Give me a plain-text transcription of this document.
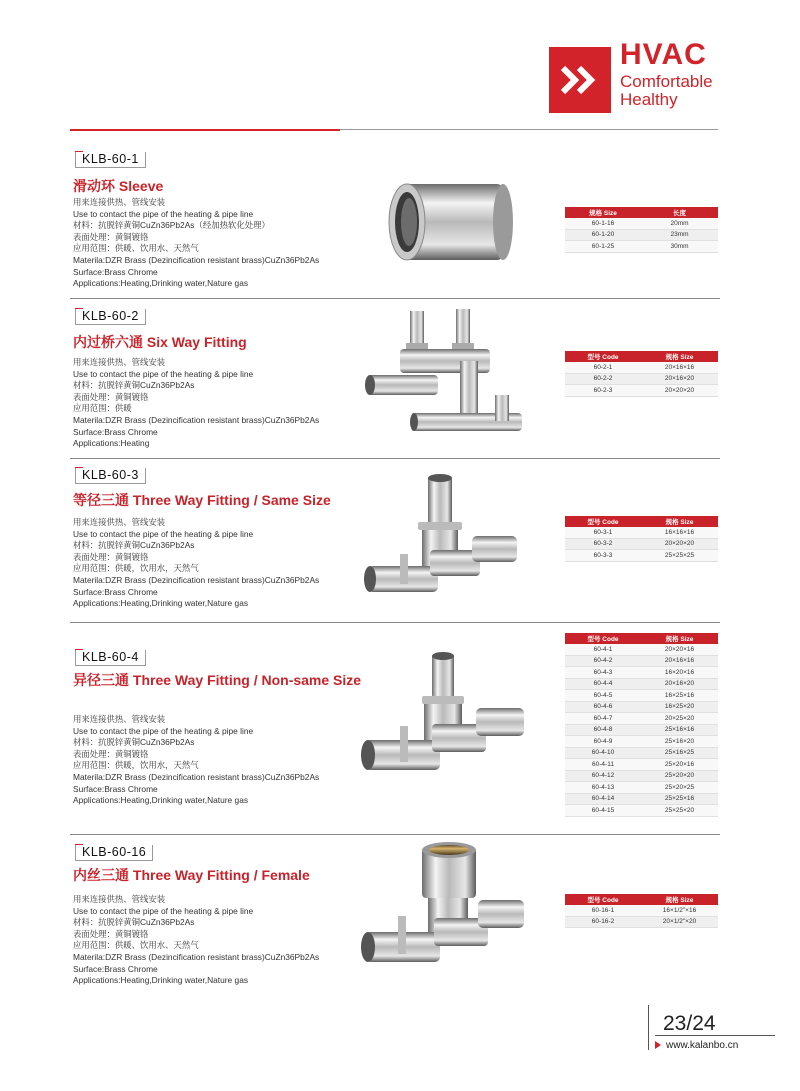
HVAC
Comfortable
Healthy
KLB-60-1
滑动环 Sleeve
用来连接供热、管线安装
Use to contact the pipe of the heating & pipe line
材料：抗脱锌黄铜CuZn36Pb2As（经加热软化处理）
表面处理：黄铜镀铬
应用范围：供暖、饮用水、天然气
Materila:DZR Brass (Dezincification resistant brass)CuZn36Pb2As
Surface:Brass Chrome
Applications:Heating,Drinking water,Nature gas
规格 Size	长度
60-1-16	20mm
60-1-20	23mm
60-1-25	30mm
KLB-60-2
内过桥六通 Six Way Fitting
用来连接供热、管线安装
Use to contact the pipe of the heating & pipe line
材料：抗脱锌黄铜CuZn36Pb2As
表面处理：黄铜镀铬
应用范围：供暖
Materila:DZR Brass (Dezincification resistant brass)CuZn36Pb2As
Surface:Brass Chrome
Applications:Heating
型号 Code	规格 Size
60-2-1	20×16×16
60-2-2	20×16×20
60-2-3	20×20×20
KLB-60-3
等径三通 Three Way Fitting / Same Size
用来连接供热、管线安装
Use to contact the pipe of the heating & pipe line
材料：抗脱锌黄铜CuZn36Pb2As
表面处理：黄铜镀铬
应用范围：供暖，饮用水，天然气
Materila:DZR Brass (Dezincification resistant brass)CuZn36Pb2As
Surface:Brass Chrome
Applications:Heating,Drinking water,Nature gas
型号 Code	规格 Size
60-3-1	16×16×16
60-3-2	20×20×20
60-3-3	25×25×25
KLB-60-4
异径三通 Three Way Fitting / Non-same Size
用来连接供热、管线安装
Use to contact the pipe of the heating & pipe line
材料：抗脱锌黄铜CuZn36Pb2As
表面处理：黄铜镀铬
应用范围：供暖，饮用水，天然气
Materila:DZR Brass (Dezincification resistant brass)CuZn36Pb2As
Surface:Brass Chrome
Applications:Heating,Drinking water,Nature gas
型号 Code	规格 Size
60-4-1	20×20×16
60-4-2	20×16×16
60-4-3	16×20×16
60-4-4	20×16×20
60-4-5	16×25×16
60-4-6	16×25×20
60-4-7	20×25×20
60-4-8	25×16×16
60-4-9	25×16×20
60-4-10	25×16×25
60-4-11	25×20×16
60-4-12	25×20×20
60-4-13	25×20×25
60-4-14	25×25×16
60-4-15	25×25×20
KLB-60-16
内丝三通 Three Way Fitting / Female
用来连接供热、管线安装
Use to contact the pipe of the heating & pipe line
材料：抗脱锌黄铜CuZn36Pb2As
表面处理：黄铜镀铬
应用范围：供暖、饮用水、天然气
Materila:DZR Brass (Dezincification resistant brass)CuZn36Pb2As
Surface:Brass Chrome
Applications:Heating,Drinking water,Nature gas
型号 Code	规格 Size
60-16-1	16×1/2"×16
60-16-2	20×1/2"×20
23/24
www.kalanbo.cn
